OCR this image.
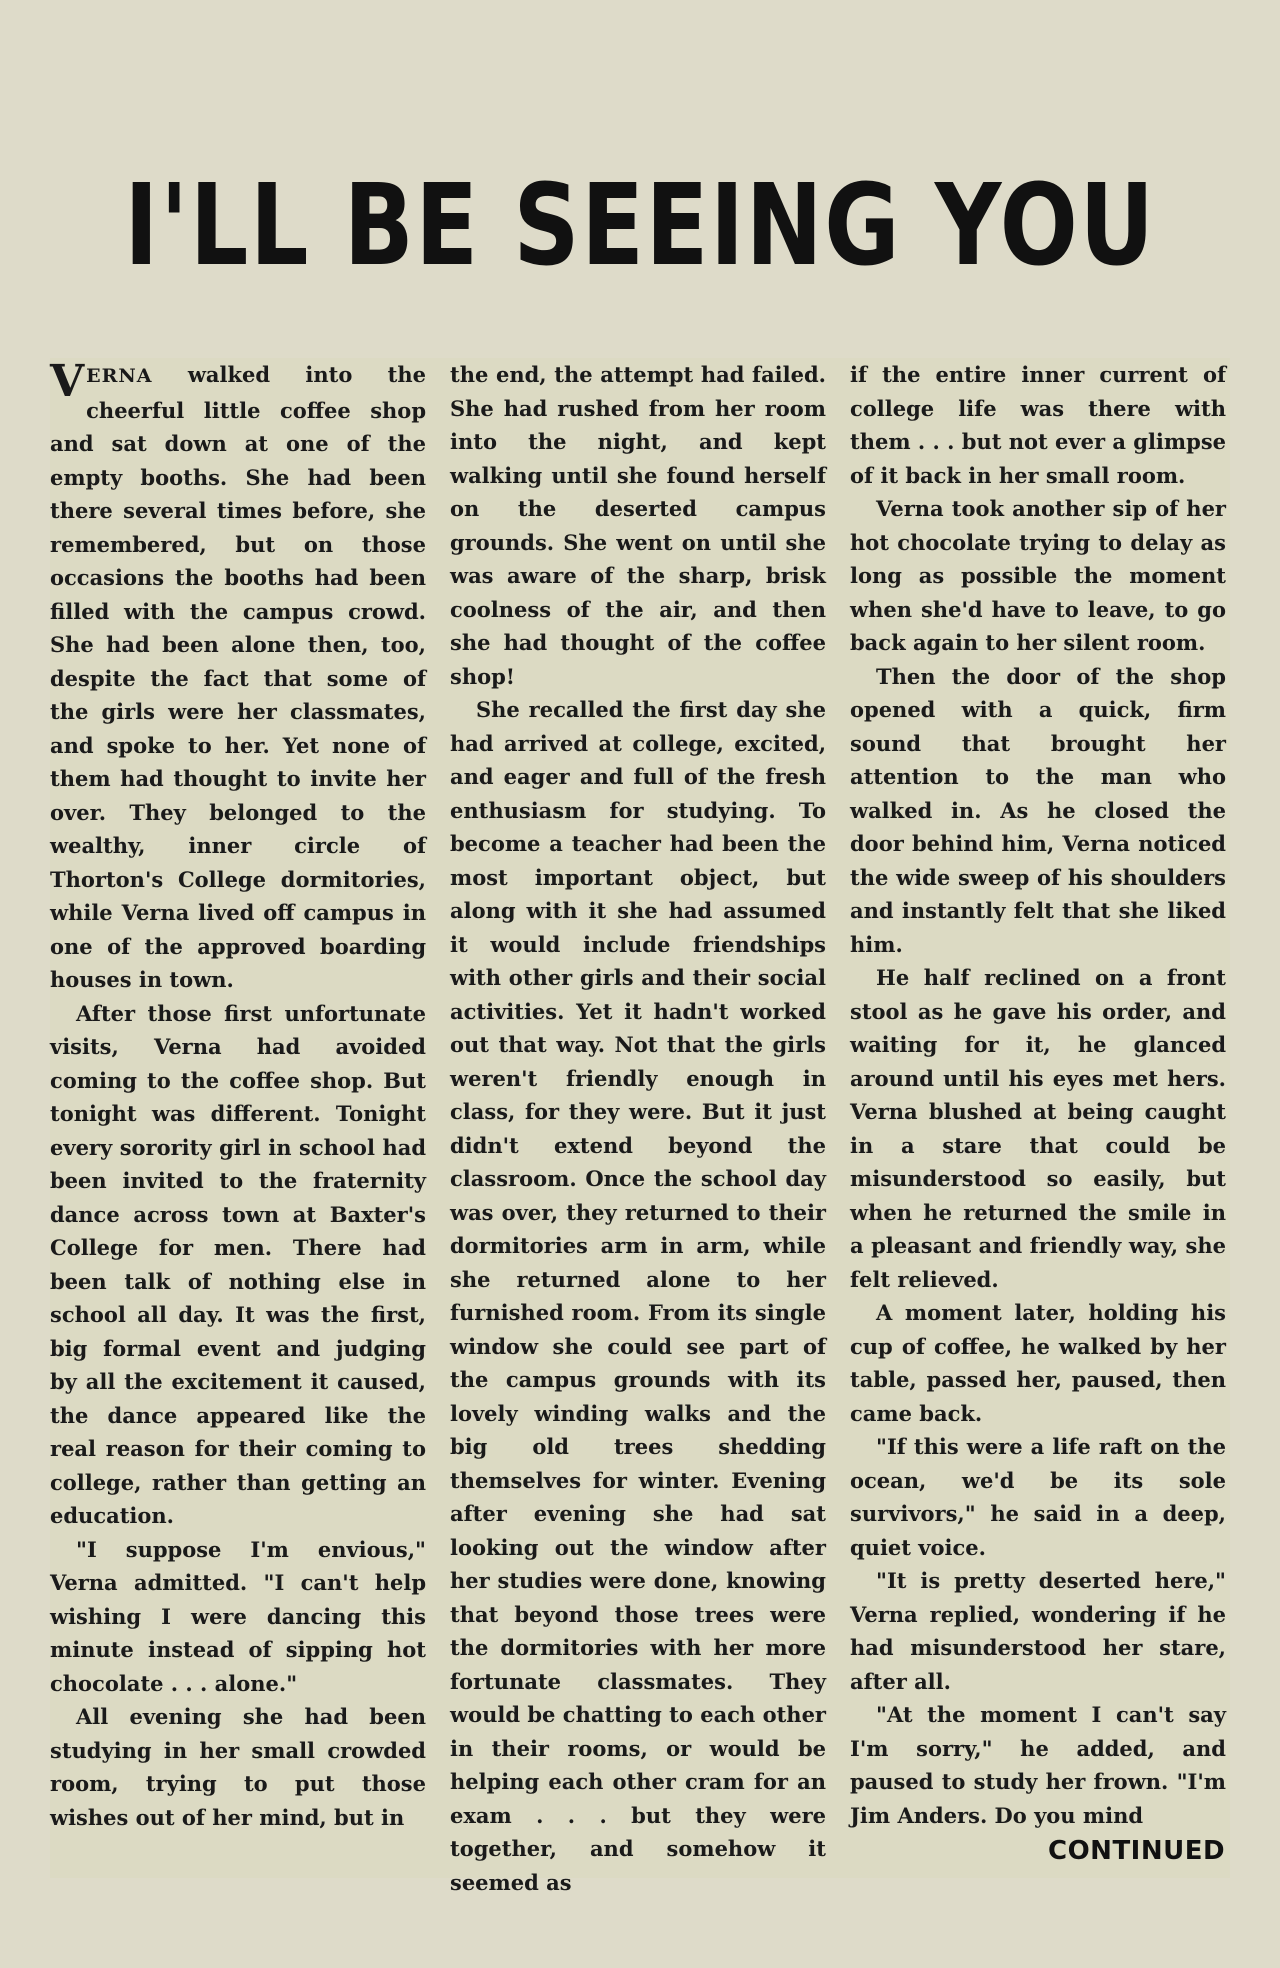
I'LL BE SEEING YOU

VERNA walked into the cheerful little coffee shop and sat down at one of the empty booths. She had been there several times before, she remembered, but on those occasions the booths had been filled with the campus crowd. She had been alone then, too, despite the fact that some of the girls were her classmates, and spoke to her. Yet none of them had thought to invite her over. They belonged to the wealthy, inner circle of Thorton's College dormitories, while Verna lived off campus in one of the approved boarding houses in town.

After those first unfortunate visits, Verna had avoided coming to the coffee shop. But tonight was different. Tonight every sorority girl in school had been invited to the fraternity dance across town at Baxter's College for men. There had been talk of nothing else in school all day. It was the first, big formal event and judging by all the excitement it caused, the dance appeared like the real reason for their coming to college, rather than getting an education.

"I suppose I'm envious," Verna admitted. "I can't help wishing I were dancing this minute instead of sipping hot chocolate . . . alone."

All evening she had been studying in her small crowded room, trying to put those wishes out of her mind, but in

the end, the attempt had failed. She had rushed from her room into the night, and kept walking until she found herself on the deserted campus grounds. She went on until she was aware of the sharp, brisk coolness of the air, and then she had thought of the coffee shop!

She recalled the first day she had arrived at college, excited, and eager and full of the fresh enthusiasm for studying. To become a teacher had been the most important object, but along with it she had assumed it would include friendships with other girls and their social activities. Yet it hadn't worked out that way. Not that the girls weren't friendly enough in class, for they were. But it just didn't extend beyond the classroom. Once the school day was over, they returned to their dormitories arm in arm, while she returned alone to her furnished room. From its single window she could see part of the campus grounds with its lovely winding walks and the big old trees shedding themselves for winter. Evening after evening she had sat looking out the window after her studies were done, knowing that beyond those trees were the dormitories with her more fortunate classmates. They would be chatting to each other in their rooms, or would be helping each other cram for an exam . . . but they were together, and somehow it seemed as

if the entire inner current of college life was there with them . . . but not ever a glimpse of it back in her small room.

Verna took another sip of her hot chocolate trying to delay as long as possible the moment when she'd have to leave, to go back again to her silent room.

Then the door of the shop opened with a quick, firm sound that brought her attention to the man who walked in. As he closed the door behind him, Verna noticed the wide sweep of his shoulders and instantly felt that she liked him.

He half reclined on a front stool as he gave his order, and waiting for it, he glanced around until his eyes met hers. Verna blushed at being caught in a stare that could be misunderstood so easily, but when he returned the smile in a pleasant and friendly way, she felt relieved.

A moment later, holding his cup of coffee, he walked by her table, passed her, paused, then came back.

"If this were a life raft on the ocean, we'd be its sole survivors," he said in a deep, quiet voice.

"It is pretty deserted here," Verna replied, wondering if he had misunderstood her stare, after all.

"At the moment I can't say I'm sorry," he added, and paused to study her frown. "I'm Jim Anders. Do you mind

CONTINUED
